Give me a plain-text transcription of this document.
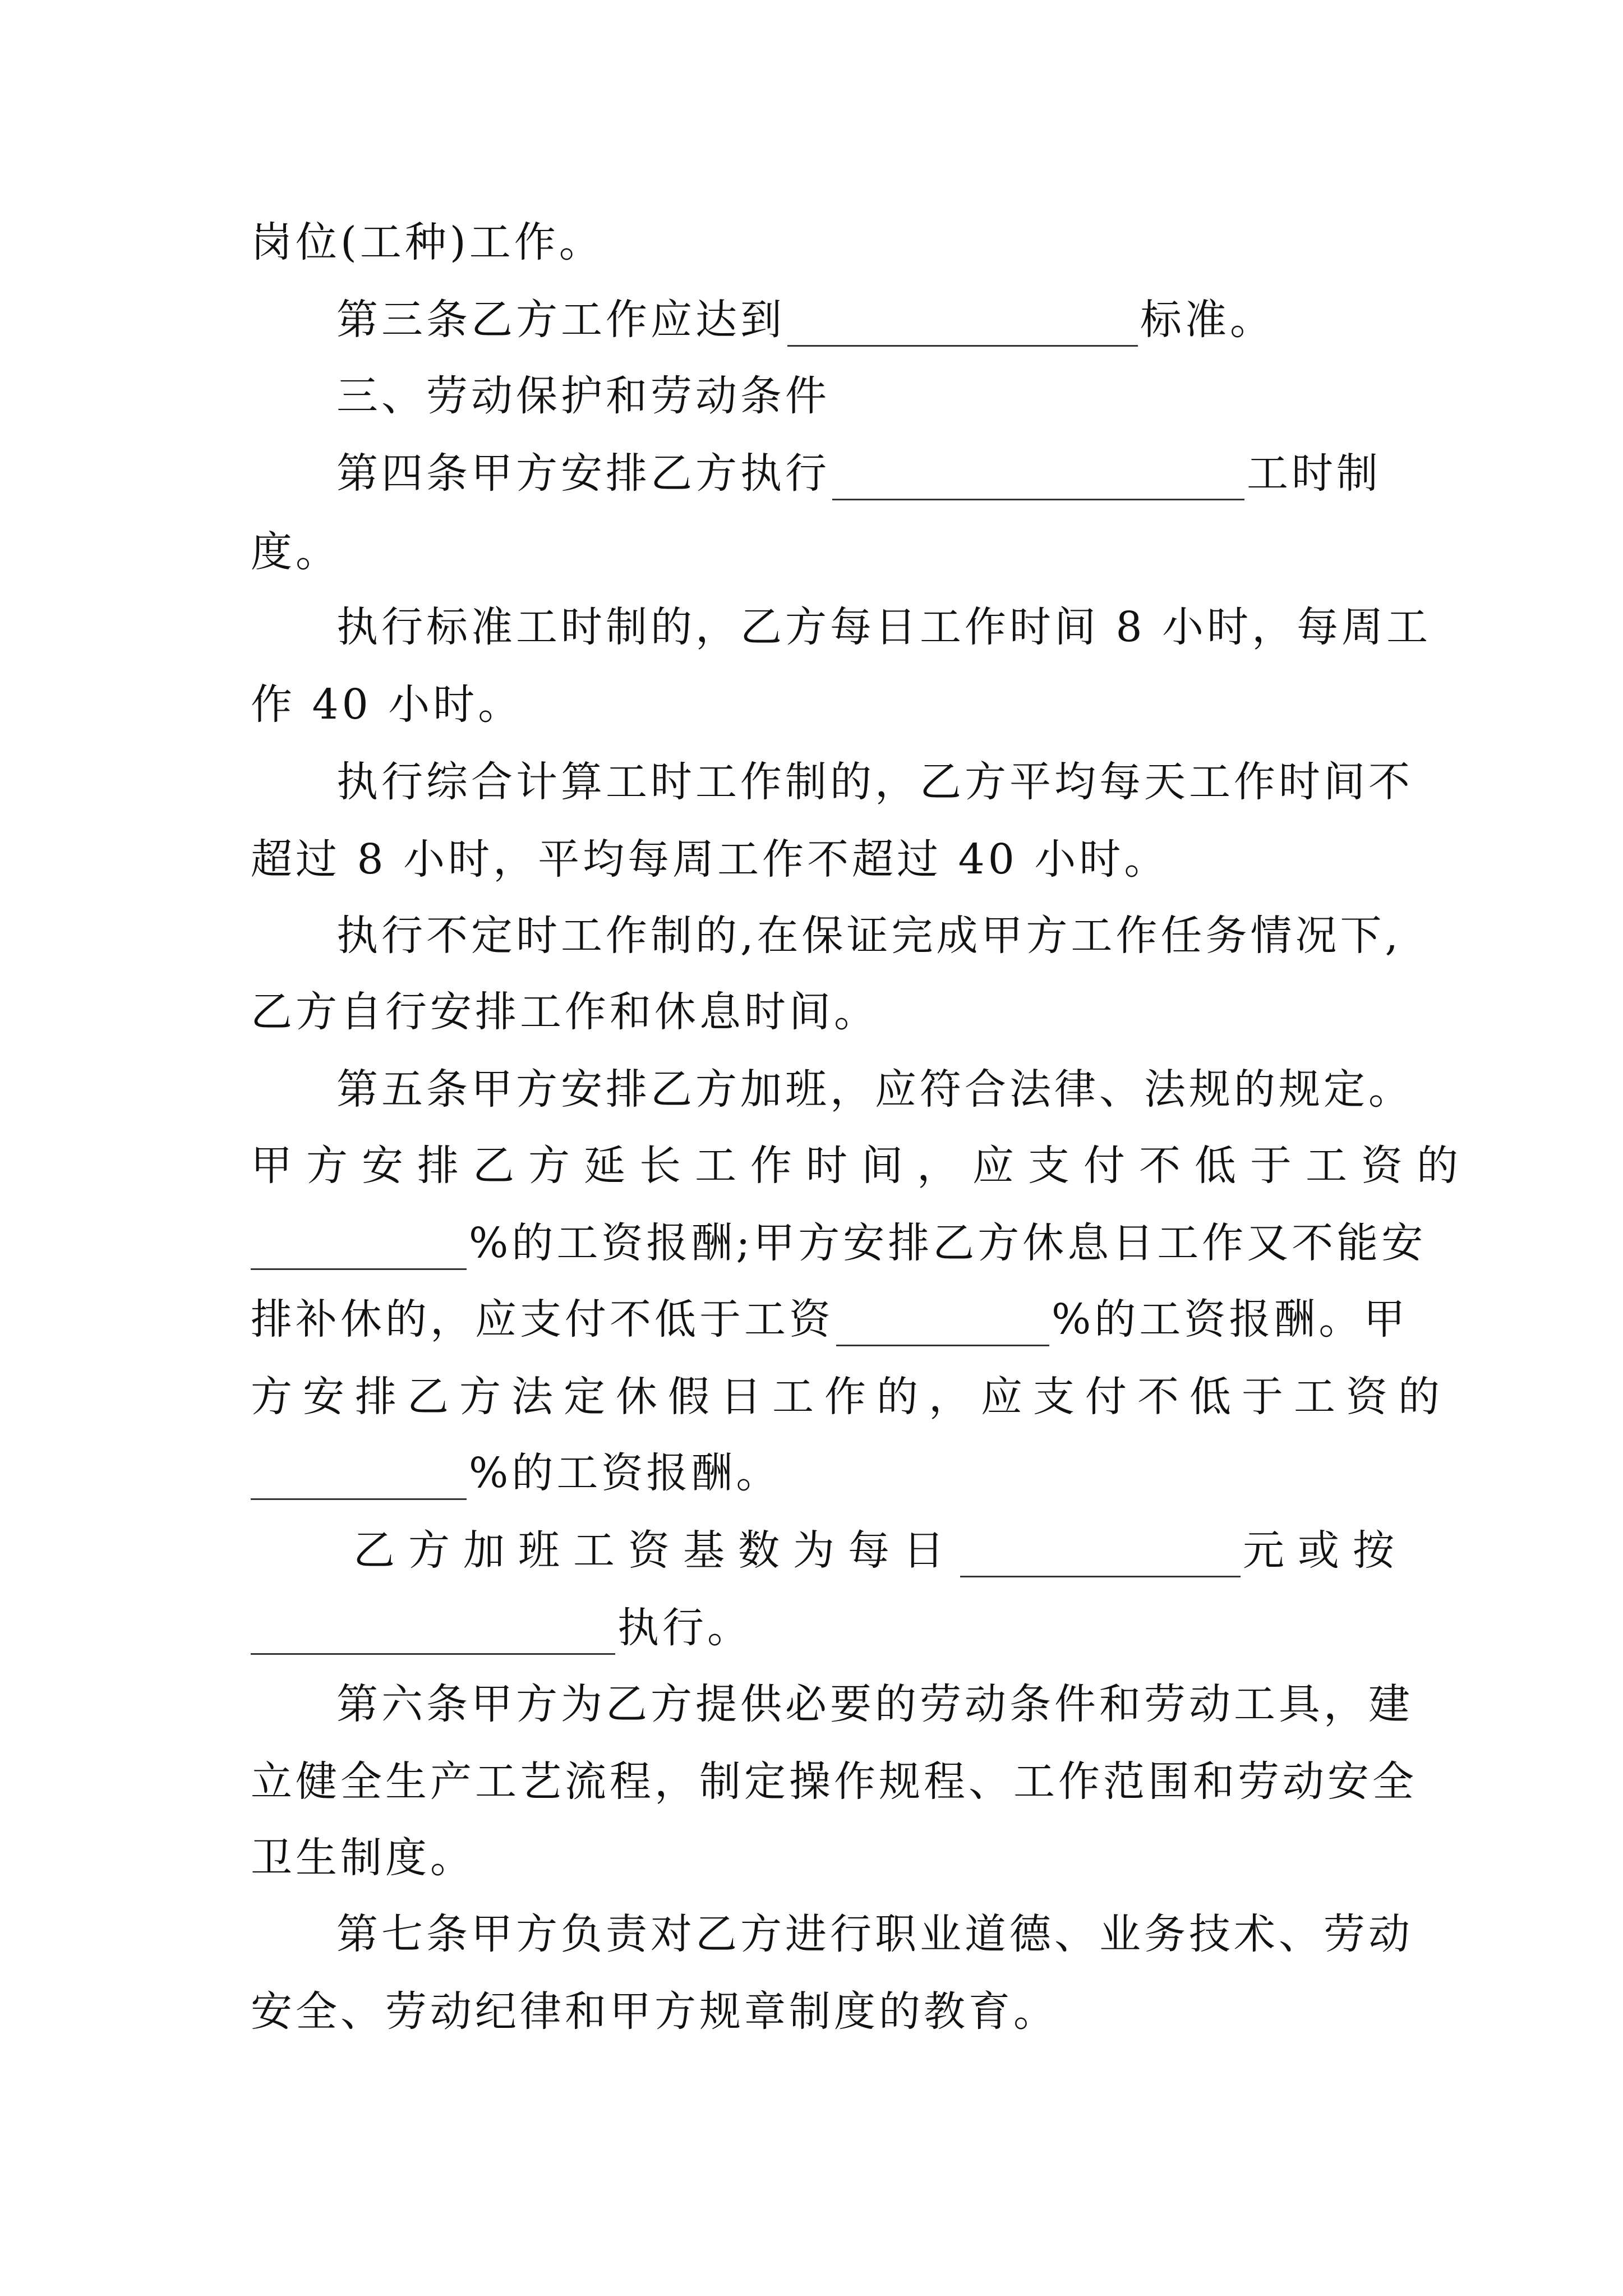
岗位(工种)工作。
第三条乙方工作应达到	标准。
三、劳动保护和劳动条件
第四条甲方安排乙方执行	工时制
度。
执行标准工时制的，乙方每日工作时间 8 小时，每周工
作 40 小时。
执行综合计算工时工作制的，乙方平均每天工作时间不
超过 8 小时，平均每周工作不超过 40 小时。
执行不定时工作制的,在保证完成甲方工作任务情况下,
乙方自行安排工作和休息时间。
第五条甲方安排乙方加班，应符合法律、法规的规定。
甲方安排乙方延长工作时间，应支付不低于工资的
%的工资报酬;甲方安排乙方休息日工作又不能安
排补休的，应支付不低于工资	%的工资报酬。甲
方安排乙方法定休假日工作的，应支付不低于工资的
%的工资报酬。
乙方加班工资基数为每日	元或按
执行。
第六条甲方为乙方提供必要的劳动条件和劳动工具，建
立健全生产工艺流程，制定操作规程、工作范围和劳动安全
卫生制度。
第七条甲方负责对乙方进行职业道德、业务技术、劳动
安全、劳动纪律和甲方规章制度的教育。
